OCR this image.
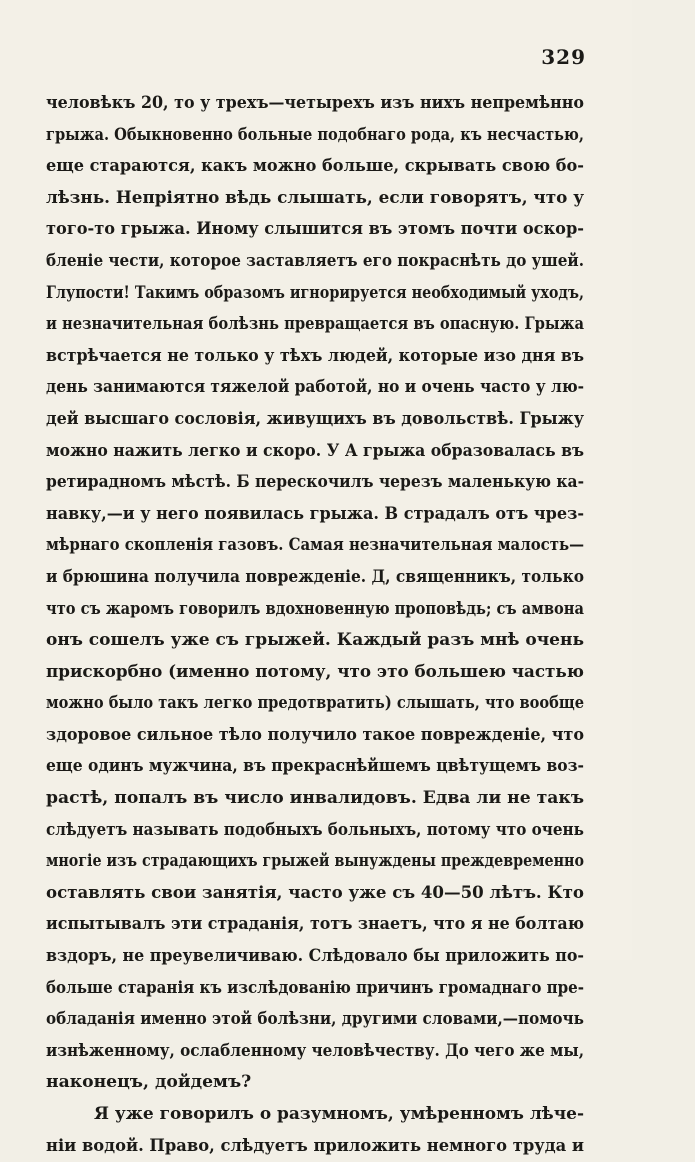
329
человѣкъ 20, то у трехъ—четырехъ изъ нихъ непремѣнно
грыжа. Обыкновенно больные подобнаго рода, къ несчастью,
еще стараются, какъ можно больше, скрывать свою бо-
лѣзнь. Непріятно вѣдь слышать, если говорятъ, что у
того-то грыжа. Иному слышится въ этомъ почти оскор-
бленіе чести, которое заставляетъ его покраснѣть до ушей.
Глупости! Такимъ образомъ игнорируется необходимый уходъ,
и незначительная болѣзнь превращается въ опасную. Грыжа
встрѣчается не только у тѣхъ людей, которые изо дня въ
день занимаются тяжелой работой, но и очень часто у лю-
дей высшаго сословія, живущихъ въ довольствѣ. Грыжу
можно нажить легко и скоро. У А грыжа образовалась въ
ретирадномъ мѣстѣ. Б перескочилъ черезъ маленькую ка-
навку,—и у него появилась грыжа. В страдалъ отъ чрез-
мѣрнаго скопленія газовъ. Самая незначительная малость—
и брюшина получила поврежденіе. Д, священникъ, только
что съ жаромъ говорилъ вдохновенную проповѣдь; съ амвона
онъ сошелъ уже съ грыжей. Каждый разъ мнѣ очень
прискорбно (именно потому, что это большею частью
можно было такъ легко предотвратить) слышать, что вообще
здоровое сильное тѣло получило такое поврежденіе, что
еще одинъ мужчина, въ прекраснѣйшемъ цвѣтущемъ воз-
растѣ, попалъ въ число инвалидовъ. Едва ли не такъ
слѣдуетъ называть подобныхъ больныхъ, потому что очень
многіе изъ страдающихъ грыжей вынуждены преждевременно
оставлять свои занятія, часто уже съ 40—50 лѣтъ. Кто
испытывалъ эти страданія, тотъ знаетъ, что я не болтаю
вздоръ, не преувеличиваю. Слѣдовало бы приложить по-
больше старанія къ изслѣдованію причинъ громаднаго пре-
обладанія именно этой болѣзни, другими словами,—помочь
изнѣженному, ослабленному человѣчеству. До чего же мы,
наконецъ, дойдемъ?
Я уже говорилъ о разумномъ, умѣренномъ лѣче-
ніи водой. Право, слѣдуетъ приложить немного труда и
